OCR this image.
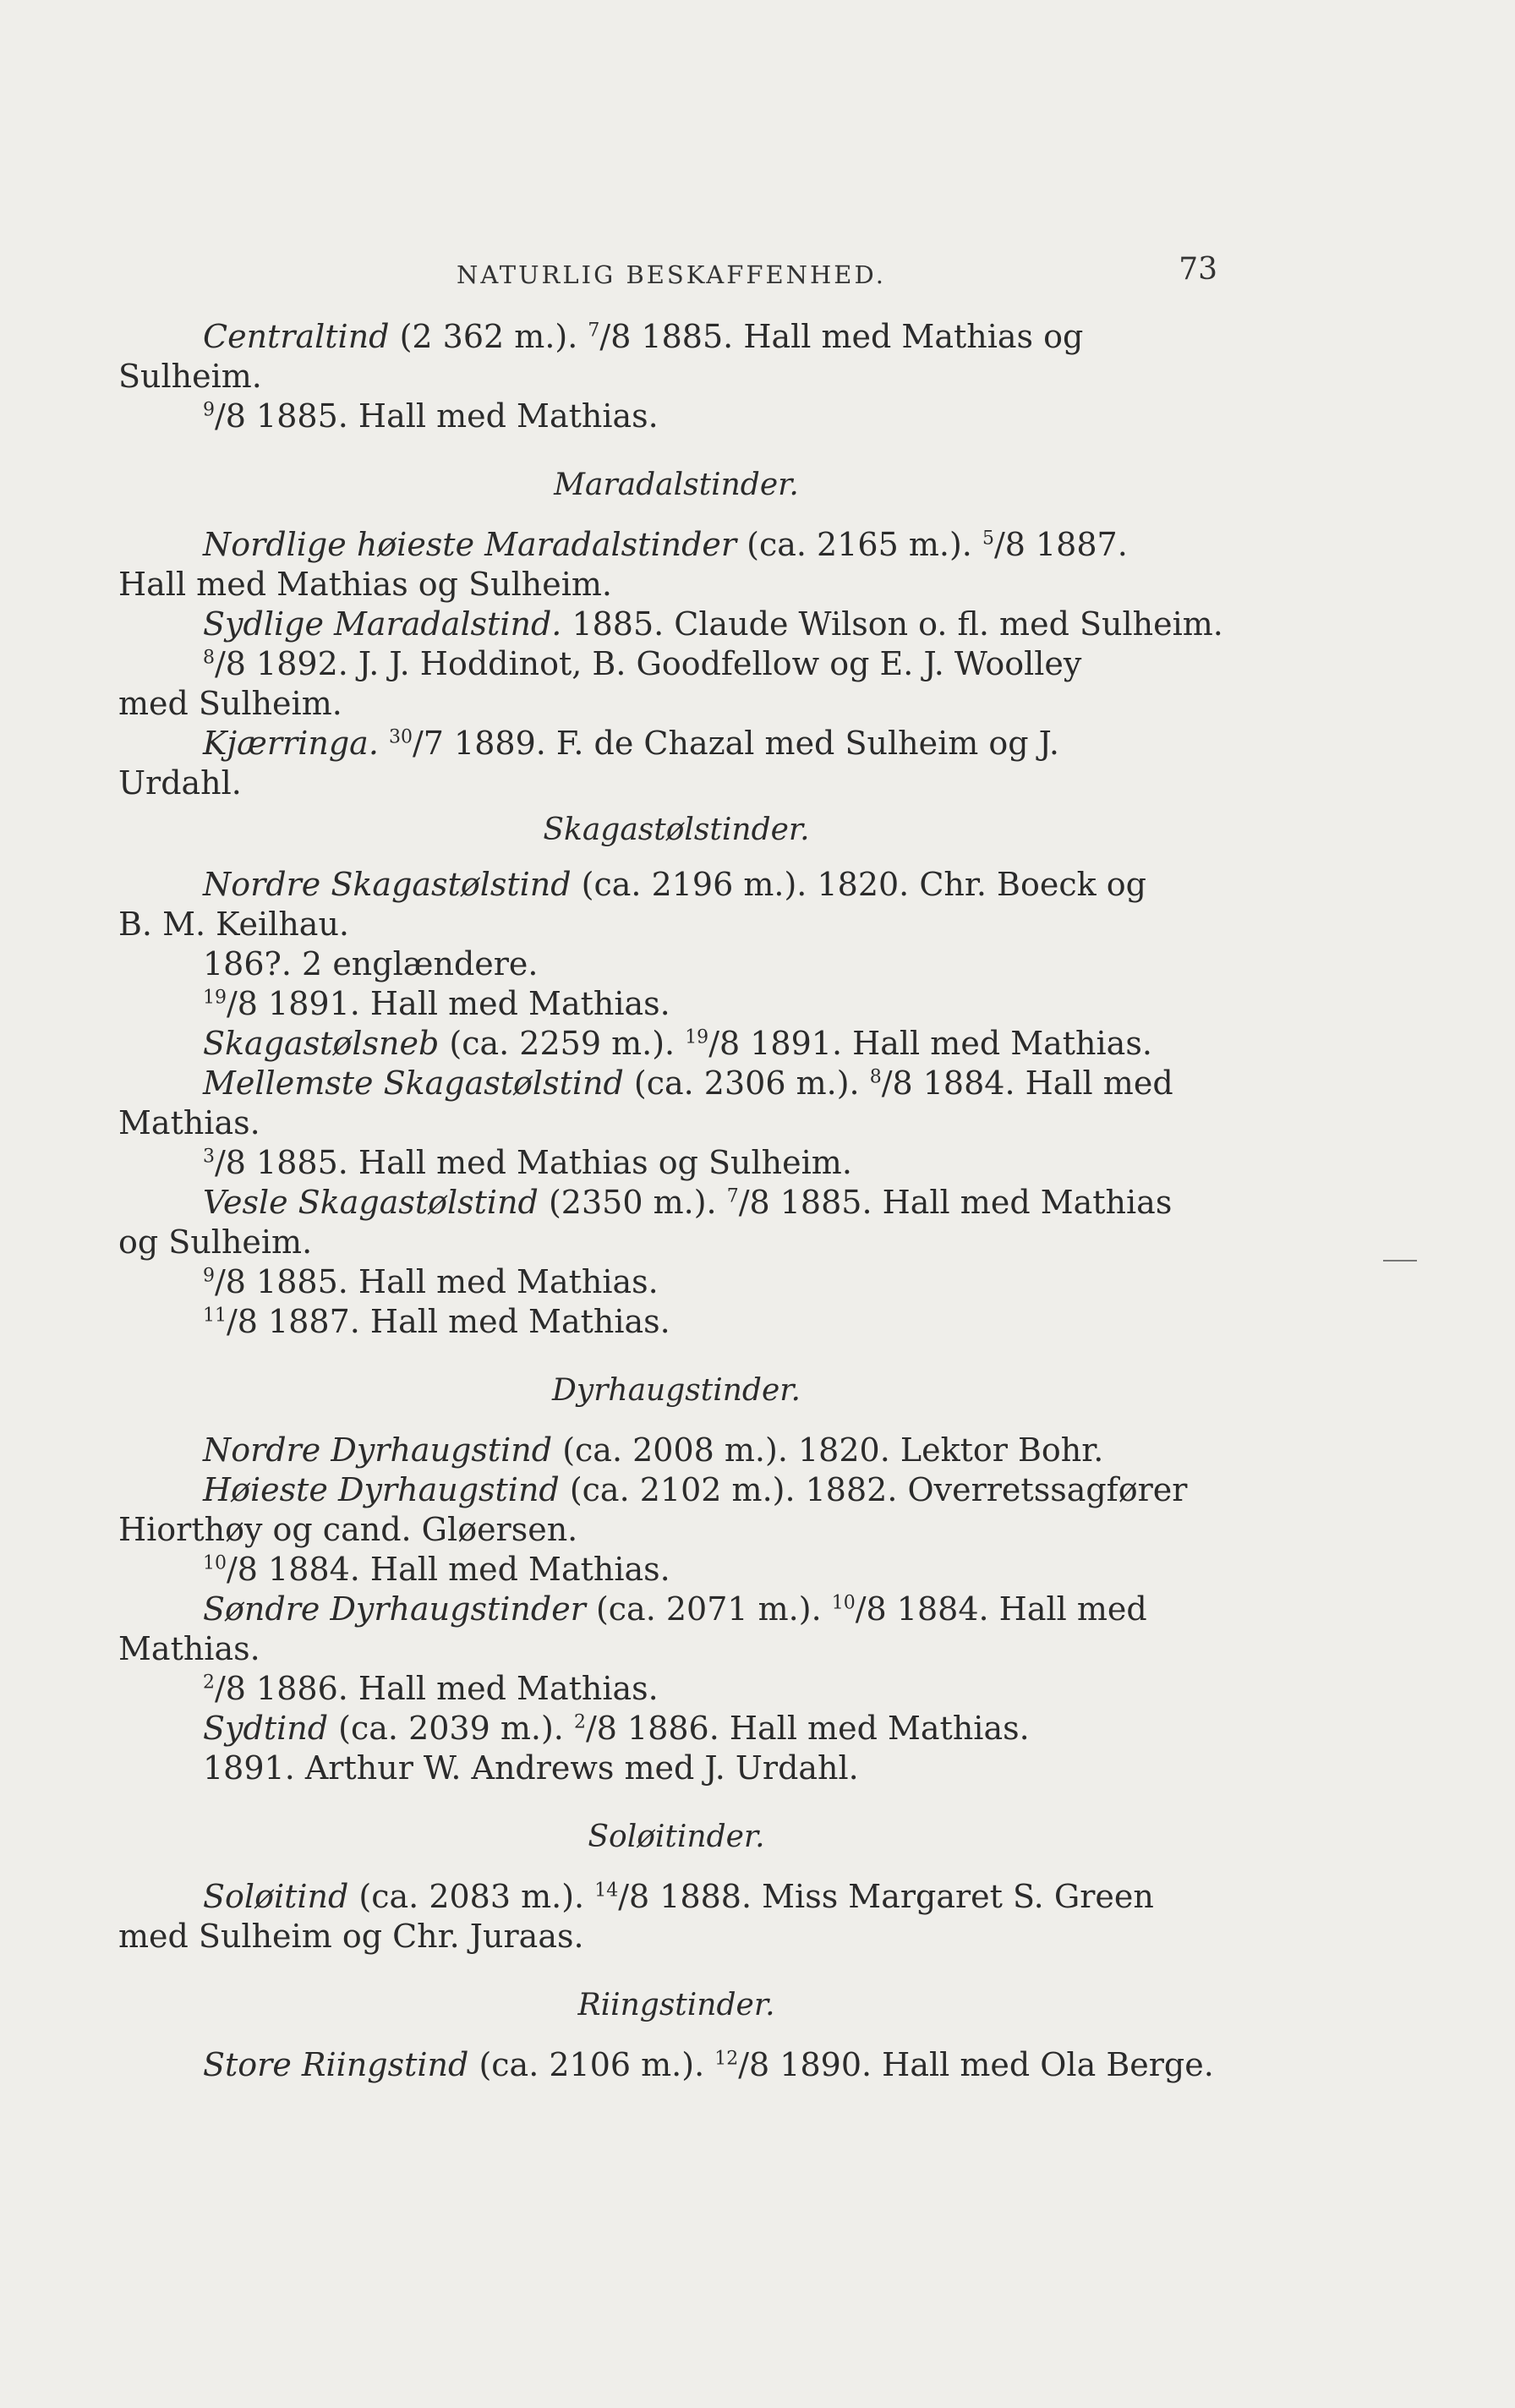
NATURLIG BESKAFFENHED.	73
Centraltind (2 362 m.). $^7$/8 1885. Hall med Mathias og
Sulheim.
$^9$/8 1885. Hall med Mathias.
Maradalstinder.
Nordlige høieste Maradalstinder (ca. 2165 m.). $^5$/8 1887.
Hall med Mathias og Sulheim.
Sydlige Maradalstind. 1885. Claude Wilson o. fl. med Sulheim.
$^8$/8 1892. J. J. Hoddinot, B. Goodfellow og E. J. Woolley
med Sulheim.
Kjærringa. $^{30}$/7 1889. F. de Chazal med Sulheim og J.
Urdahl.
Skagastølstinder.
Nordre Skagastølstind (ca. 2196 m.). 1820. Chr. Boeck og
B. M. Keilhau.
186?. 2 englændere.
$^{19}$/8 1891. Hall med Mathias.
Skagastølsneb (ca. 2259 m.). $^{19}$/8 1891. Hall med Mathias.
Mellemste Skagastølstind (ca. 2306 m.). $^8$/8 1884. Hall med
Mathias.
$^3$/8 1885. Hall med Mathias og Sulheim.
Vesle Skagastølstind (2350 m.). $^7$/8 1885. Hall med Mathias
og Sulheim.
$^9$/8 1885. Hall med Mathias.
$^{11}$/8 1887. Hall med Mathias.
Dyrhaugstinder.
Nordre Dyrhaugstind (ca. 2008 m.). 1820. Lektor Bohr.
Høieste Dyrhaugstind (ca. 2102 m.). 1882. Overretssagfører
Hiorthøy og cand. Gløersen.
$^{10}$/8 1884. Hall med Mathias.
Søndre Dyrhaugstinder (ca. 2071 m.). $^{10}$/8 1884. Hall med
Mathias.
$^2$/8 1886. Hall med Mathias.
Sydtind (ca. 2039 m.). $^2$/8 1886. Hall med Mathias.
1891. Arthur W. Andrews med J. Urdahl.
Soløitinder.
Soløitind (ca. 2083 m.). $^{14}$/8 1888. Miss Margaret S. Green
med Sulheim og Chr. Juraas.
Riingstinder.
Store Riingstind (ca. 2106 m.). $^{12}$/8 1890. Hall med Ola Berge.
